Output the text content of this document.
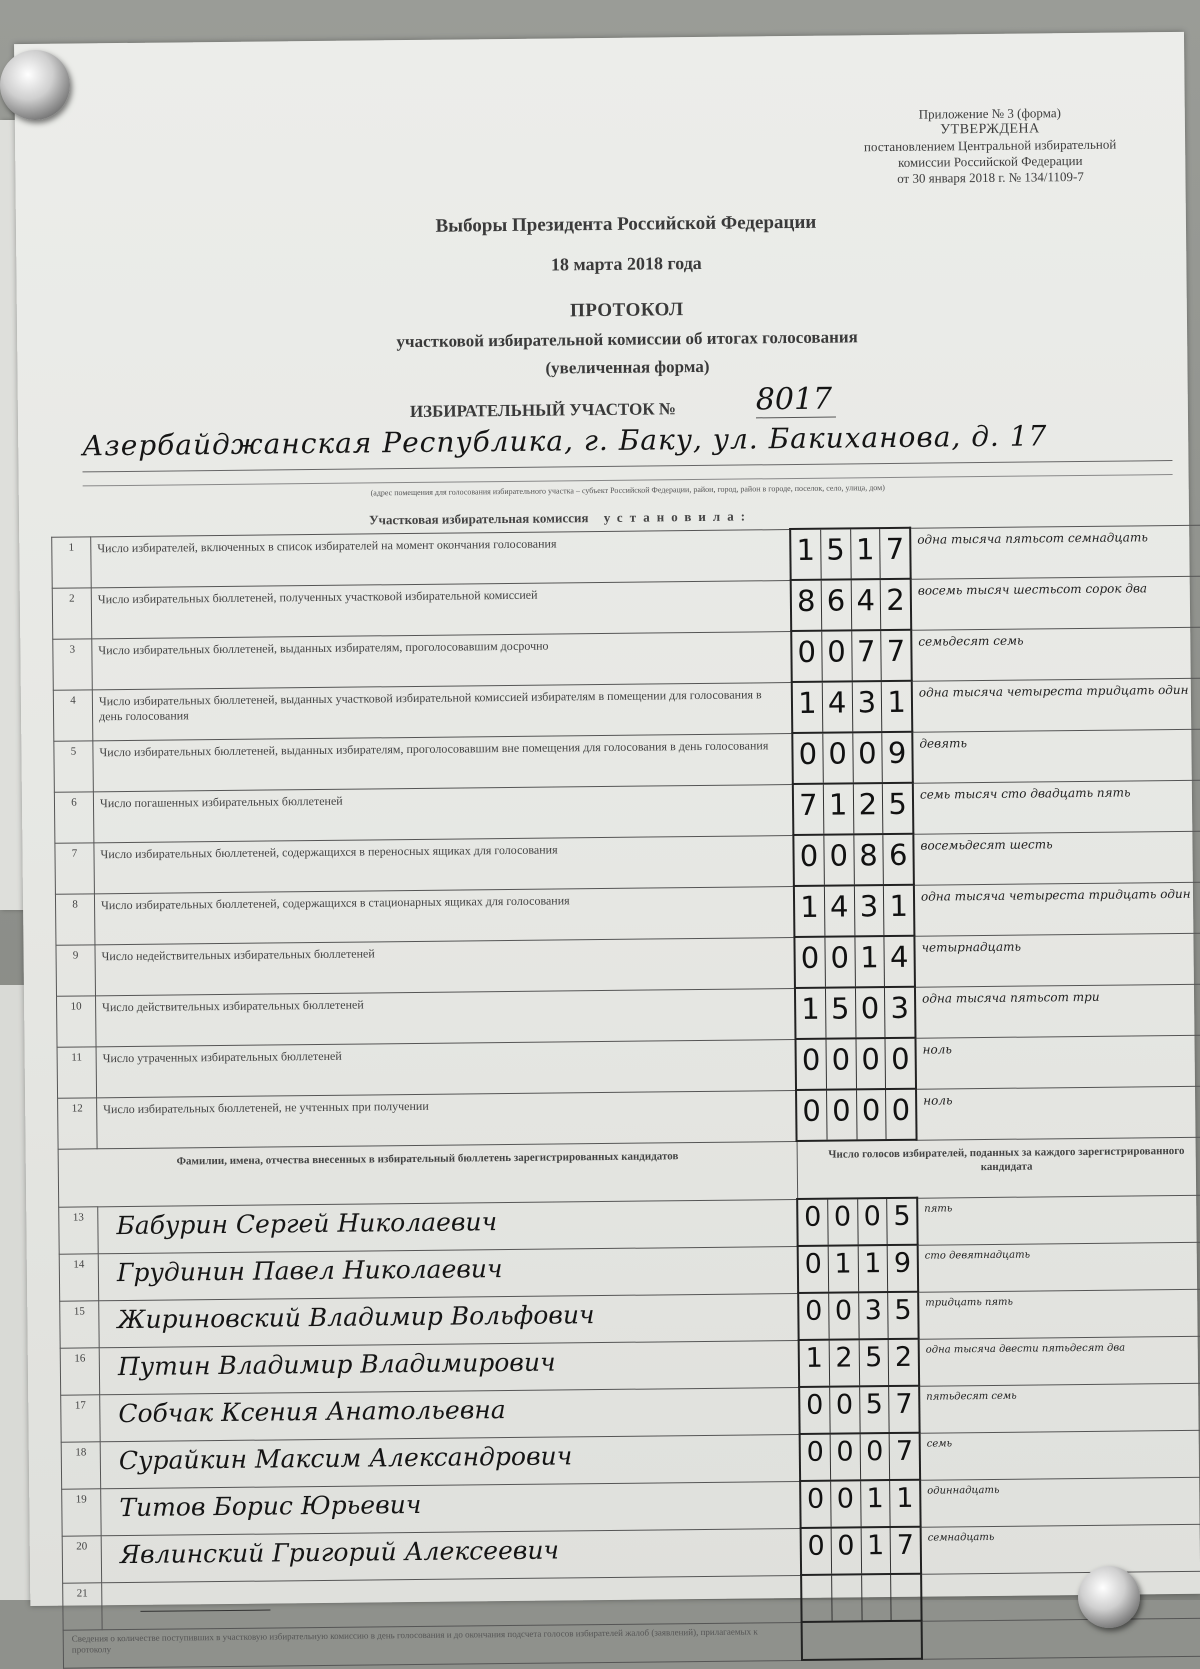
Приложение № 3 (форма)
УТВЕРЖДЕНА
постановлением Центральной избирательной
комиссии Российской Федерации
от 30 января 2018 г. № 134/1109-7
Выборы Президента Российской Федерации
18 марта 2018 года
ПРОТОКОЛ
участковой избирательной комиссии об итогах голосования
(увеличенная форма)
ИЗБИРАТЕЛЬНЫЙ УЧАСТОК №	8017
Азербайджанская Республика, г. Баку, ул. Бакиханова, д. 17
(адрес помещения для голосования избирательного участка – субъект Российской Федерации, район, город, район в городе, поселок, село, улица, дом)
Участковая избирательная комиссия установила:
1	Число избирателей, включенных в список избирателей на момент окончания голосования	1 5 1 7	одна тысяча пятьсот семнадцать
2	Число избирательных бюллетеней, полученных участковой избирательной комиссией	8 6 4 2	восемь тысяч шестьсот сорок два
3	Число избирательных бюллетеней, выданных избирателям, проголосовавшим досрочно	0 0 7 7	семьдесят семь
4	Число избирательных бюллетеней, выданных участковой избирательной комиссией избирателям в помещении для голосования в день голосования	1 4 3 1	одна тысяча четыреста тридцать один
5	Число избирательных бюллетеней, выданных избирателям, проголосовавшим вне помещения для голосования в день голосования	0 0 0 9	девять
6	Число погашенных избирательных бюллетеней	7 1 2 5	семь тысяч сто двадцать пять
7	Число избирательных бюллетеней, содержащихся в переносных ящиках для голосования	0 0 8 6	восемьдесят шесть
8	Число избирательных бюллетеней, содержащихся в стационарных ящиках для голосования	1 4 3 1	одна тысяча четыреста тридцать один
9	Число недействительных избирательных бюллетеней	0 0 1 4	четырнадцать
10	Число действительных избирательных бюллетеней	1 5 0 3	одна тысяча пятьсот три
11	Число утраченных избирательных бюллетеней	0 0 0 0	ноль
12	Число избирательных бюллетеней, не учтенных при получении	0 0 0 0	ноль
Фамилии, имена, отчества внесенных в избирательный бюллетень зарегистрированных кандидатов		Число голосов избирателей, поданных за каждого зарегистрированного кандидата	
13	Бабурин Сергей Николаевич	0 0 0 5	пять
14	Грудинин Павел Николаевич	0 1 1 9	сто девятнадцать
15	Жириновский Владимир Вольфович	0 0 3 5	тридцать пять
16	Путин Владимир Владимирович	1 2 5 2	одна тысяча двести пятьдесят два
17	Собчак Ксения Анатольевна	0 0 5 7	пятьдесят семь
18	Сурайкин Максим Александрович	0 0 0 7	семь
19	Титов Борис Юрьевич	0 0 1 1	одиннадцать
20	Явлинский Григорий Алексеевич	0 0 1 7	семнадцать
21	

Сведения о количестве поступивших в участковую избирательную комиссию в день голосования и до окончания подсчета голосов избирателей жалоб (заявлений), прилагаемых к протоколу			
